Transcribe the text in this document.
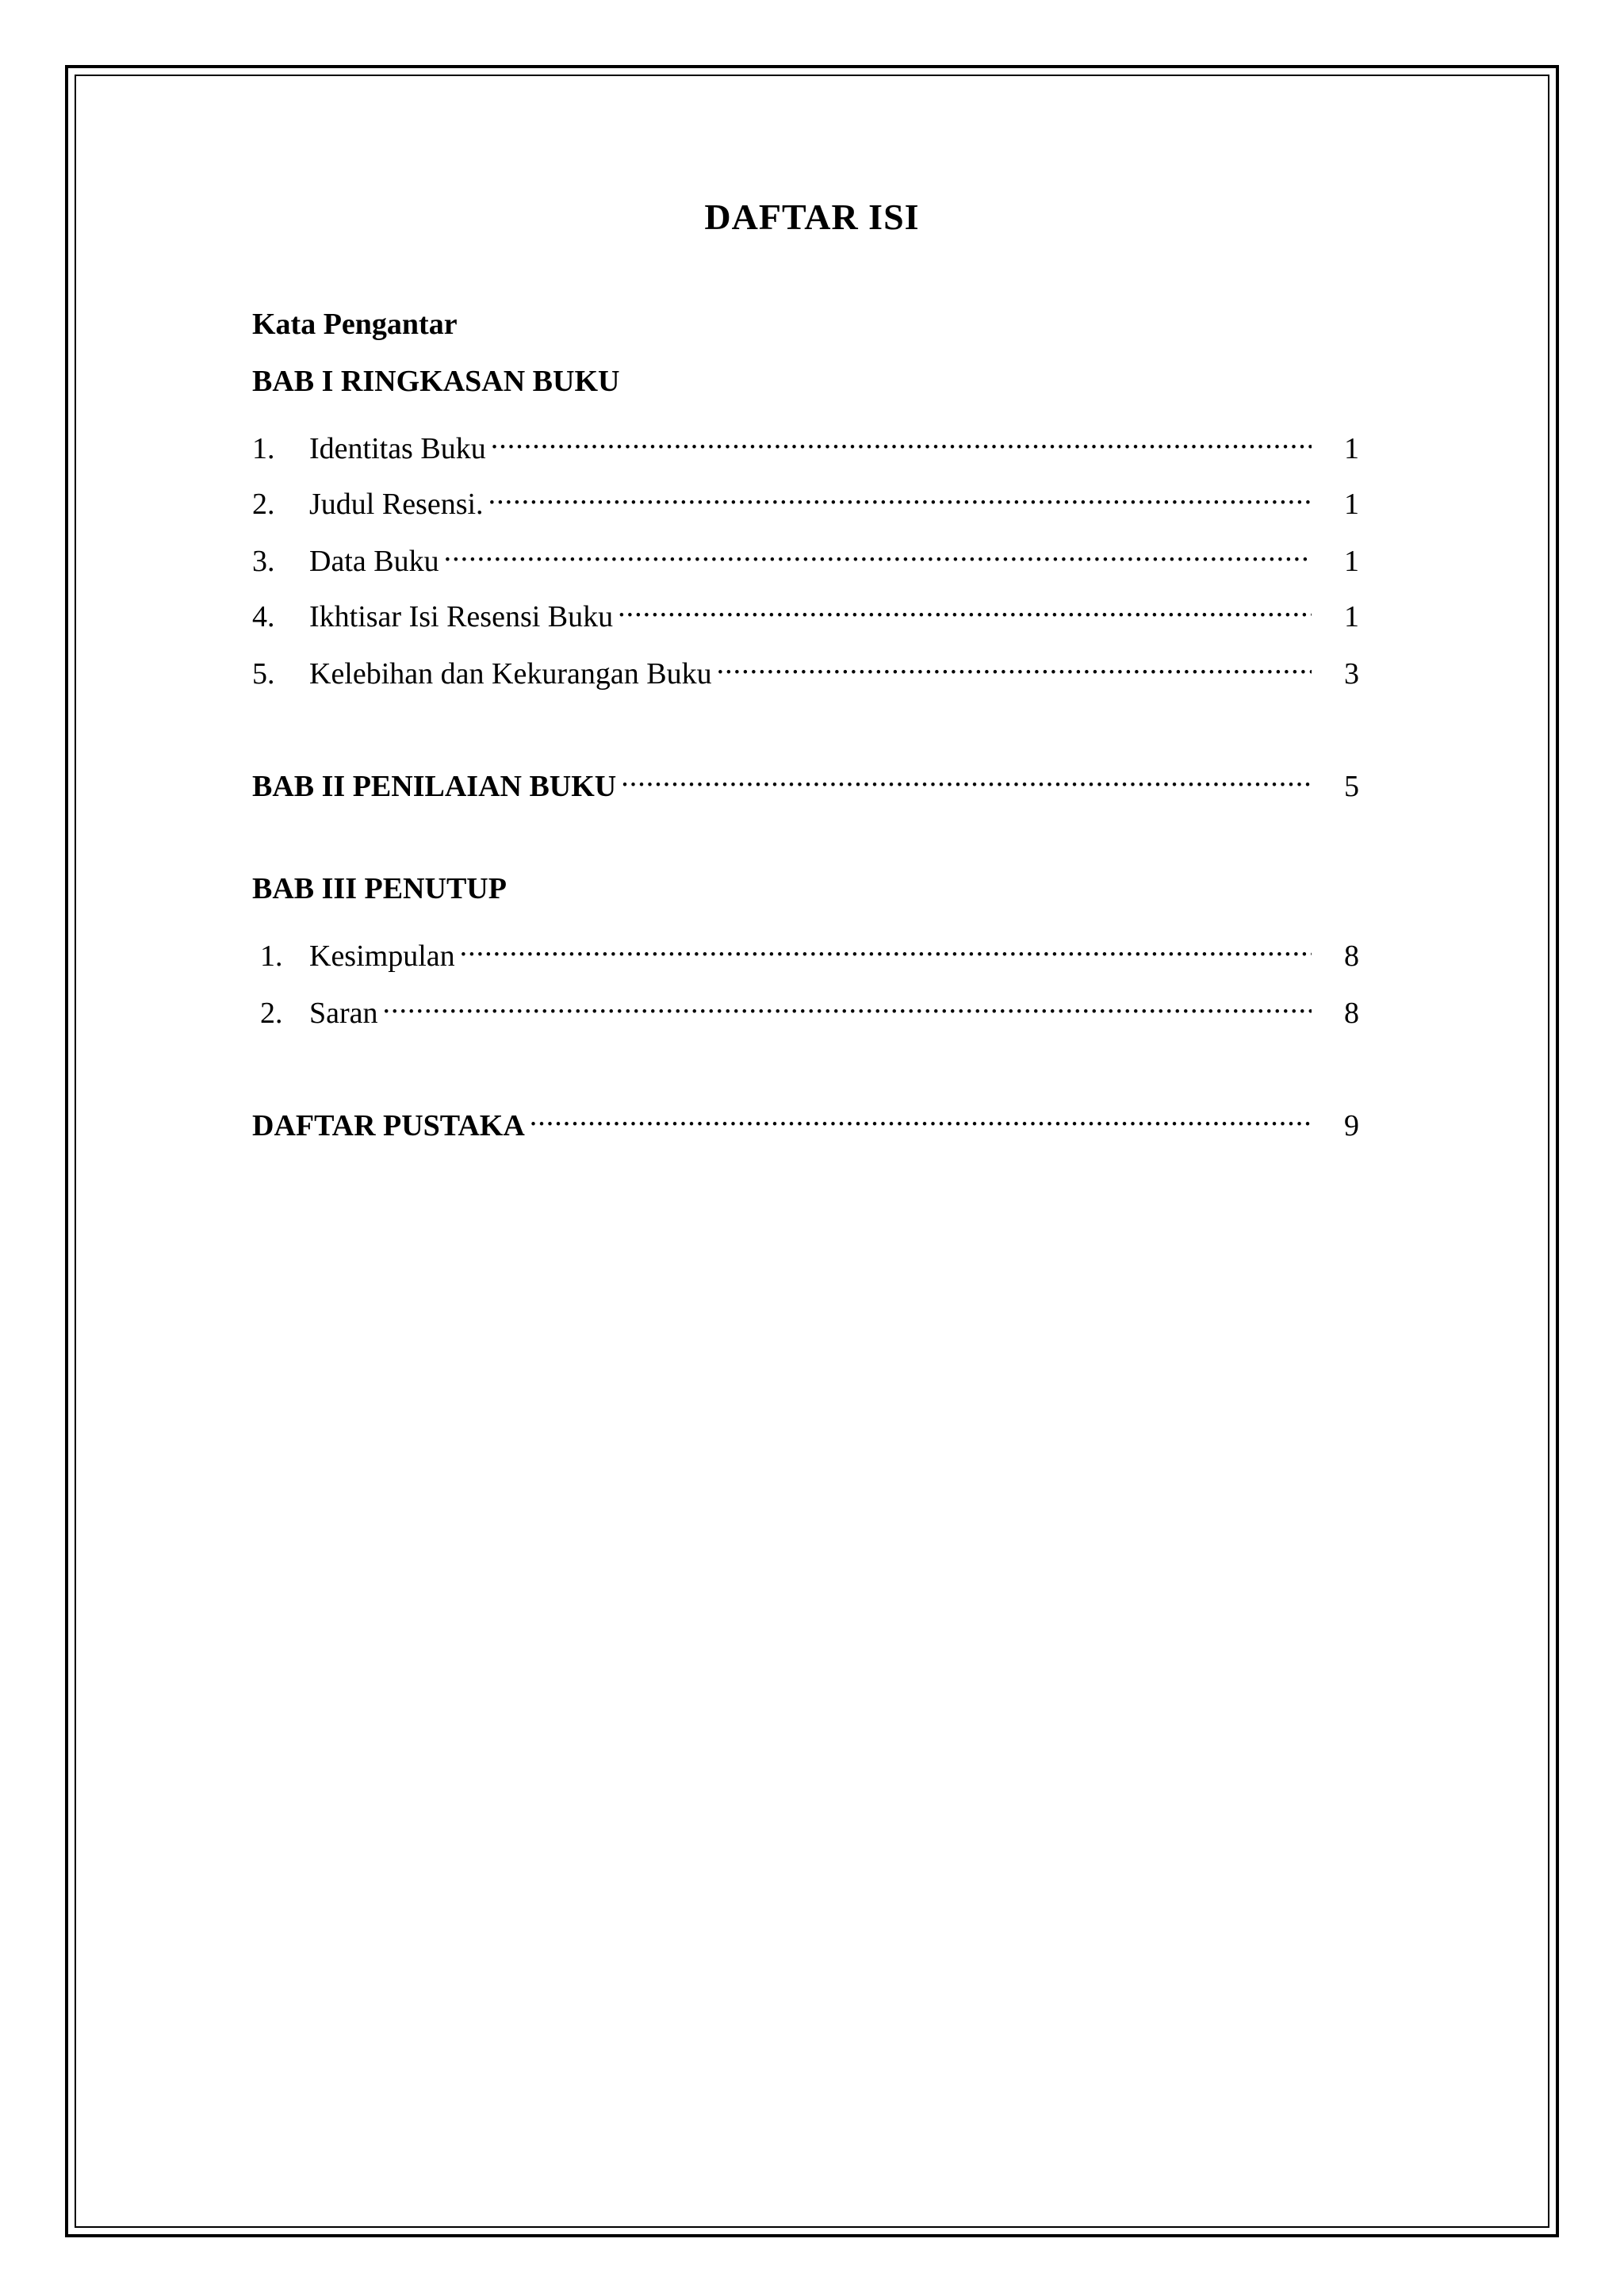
DAFTAR ISI
Kata Pengantar
BAB I RINGKASAN BUKU
1.	Identitas Buku .....	1
2.	Judul Resensi. .....	1
3.	Data Buku .....	1
4.	Ikhtisar Isi Resensi Buku .....	1
5.	Kelebihan dan Kekurangan Buku .....	3
BAB II PENILAIAN BUKU .....	5
BAB III PENUTUP
1. Kesimpulan .....	8
2. Saran .....	8
DAFTAR PUSTAKA .....	9
